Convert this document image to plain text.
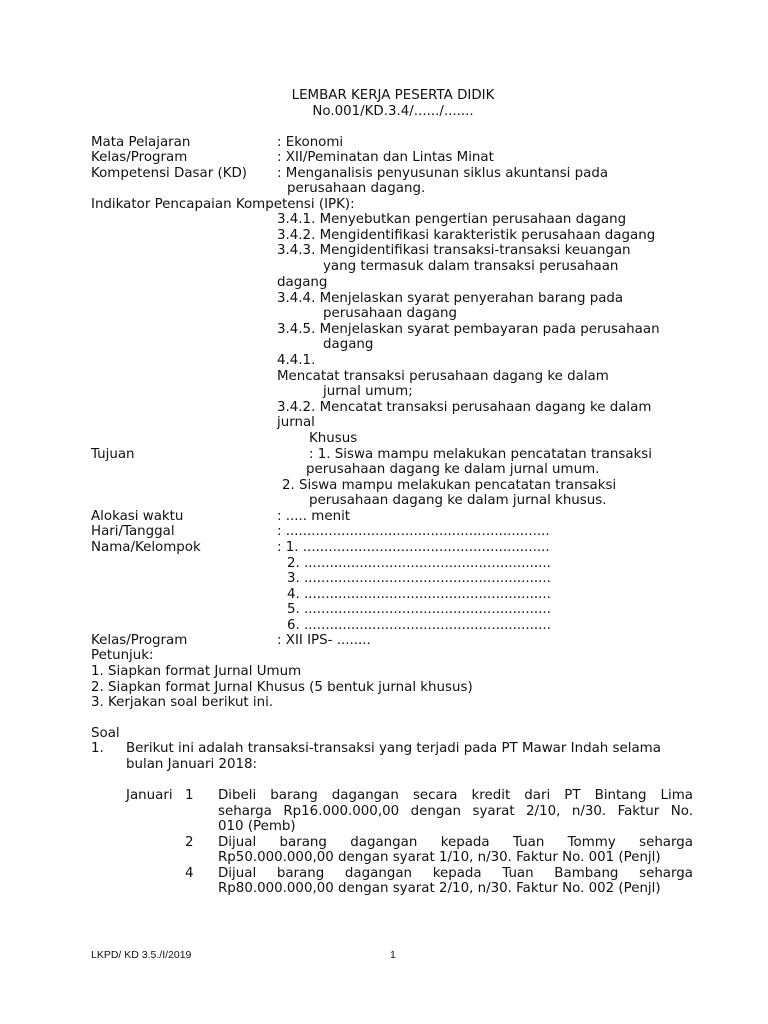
LEMBAR KERJA PESERTA DIDIK
No.001/KD.3.4/....../.......
Mata Pelajaran	: Ekonomi
Kelas/Program	: XII/Peminatan dan Lintas Minat
Kompetensi Dasar (KD) : Menganalisis penyusunan siklus akuntansi pada
perusahaan dagang.
Indikator Pencapaian Kompetensi (IPK):
3.4.1. Menyebutkan pengertian perusahaan dagang
3.4.2. Mengidentifikasi karakteristik perusahaan dagang
3.4.3. Mengidentifikasi transaksi-transaksi keuangan
yang termasuk dalam transaksi perusahaan
dagang
3.4.4. Menjelaskan syarat penyerahan barang pada
perusahaan dagang
3.4.5. Menjelaskan syarat pembayaran pada perusahaan
dagang
4.4.1.
Mencatat transaksi perusahaan dagang ke dalam
jurnal umum;
3.4.2. Mencatat transaksi perusahaan dagang ke dalam
jurnal
Khusus
Tujuan	: 1. Siswa mampu melakukan pencatatan transaksi
perusahaan dagang ke dalam jurnal umum.
2. Siswa mampu melakukan pencatatan transaksi
perusahaan dagang ke dalam jurnal khusus.
Alokasi waktu	: ..... menit
Hari/Tanggal	: ..............................................................
Nama/Kelompok	: 1. ..........................................................
2. ..........................................................
3. ..........................................................
4. ..........................................................
5. ..........................................................
6. ..........................................................
Kelas/Program	: XII IPS- ........
Petunjuk:
1. Siapkan format Jurnal Umum
2. Siapkan format Jurnal Khusus (5 bentuk jurnal khusus)
3. Kerjakan soal berikut ini.
Soal
1. Berikut ini adalah transaksi-transaksi yang terjadi pada PT Mawar Indah selama
bulan Januari 2018:
Januari 1 Dibeli barang dagangan secara kredit dari PT Bintang Lima
seharga Rp16.000.000,00 dengan syarat 2/10, n/30. Faktur No.
010 (Pemb)
2 Dijual barang dagangan kepada Tuan Tommy seharga
Rp50.000.000,00 dengan syarat 1/10, n/30. Faktur No. 001 (Penjl)
4 Dijual barang dagangan kepada Tuan Bambang seharga
Rp80.000.000,00 dengan syarat 2/10, n/30. Faktur No. 002 (Penjl)
LKPD/ KD 3.5./I/2019	1
